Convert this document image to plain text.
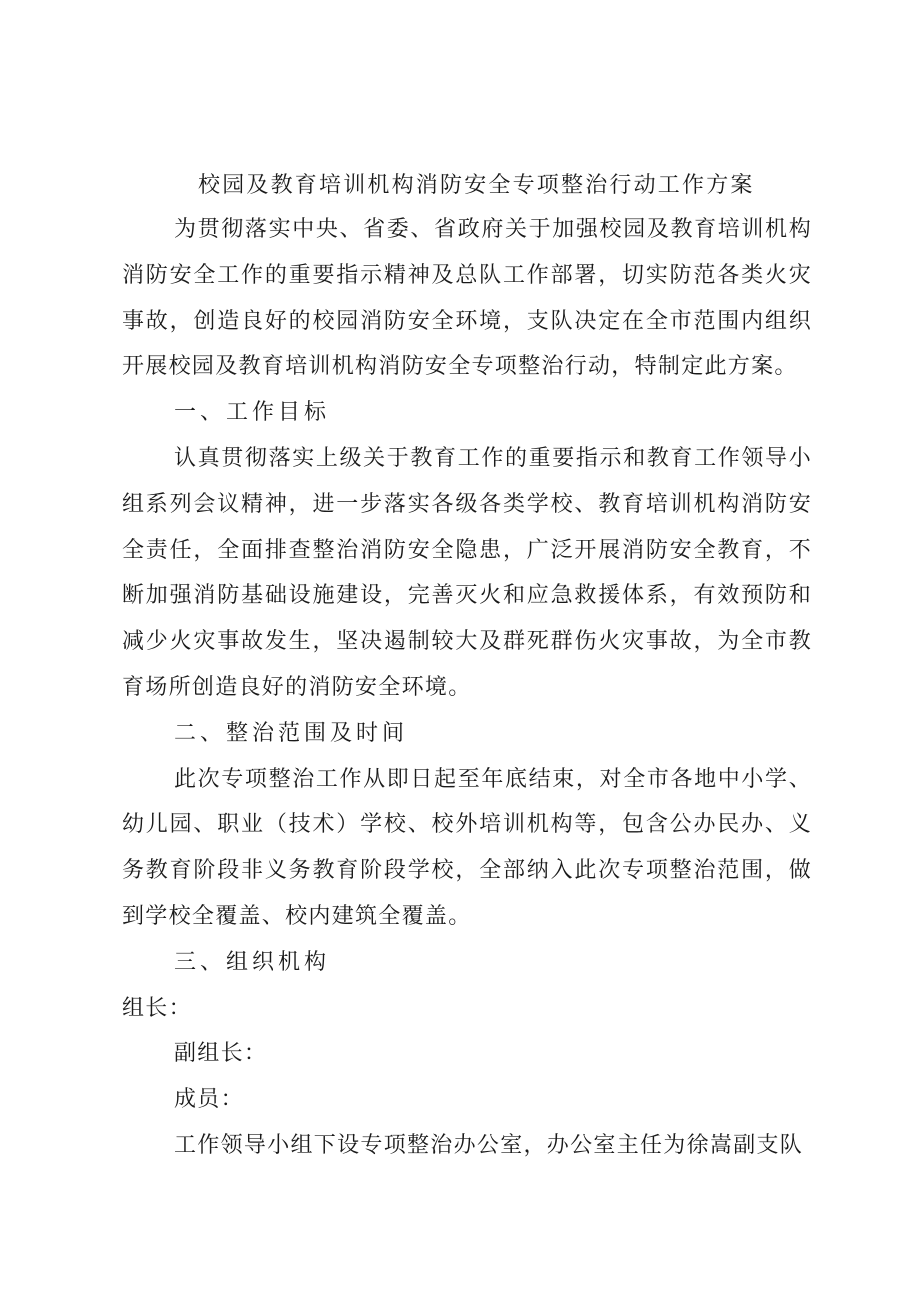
校园及教育培训机构消防安全专项整治行动工作方案

为贯彻落实中央、省委、省政府关于加强校园及教育培训机构消防安全工作的重要指示精神及总队工作部署，切实防范各类火灾事故，创造良好的校园消防安全环境，支队决定在全市范围内组织开展校园及教育培训机构消防安全专项整治行动，特制定此方案。

一、工作目标

认真贯彻落实上级关于教育工作的重要指示和教育工作领导小组系列会议精神，进一步落实各级各类学校、教育培训机构消防安全责任，全面排查整治消防安全隐患，广泛开展消防安全教育，不断加强消防基础设施建设，完善灭火和应急救援体系，有效预防和减少火灾事故发生，坚决遏制较大及群死群伤火灾事故，为全市教育场所创造良好的消防安全环境。

二、整治范围及时间

此次专项整治工作从即日起至年底结束，对全市各地中小学、幼儿园、职业（技术）学校、校外培训机构等，包含公办民办、义务教育阶段非义务教育阶段学校，全部纳入此次专项整治范围，做到学校全覆盖、校内建筑全覆盖。

三、组织机构

组长：

副组长：

成员：

工作领导小组下设专项整治办公室，办公室主任为徐嵩副支队
